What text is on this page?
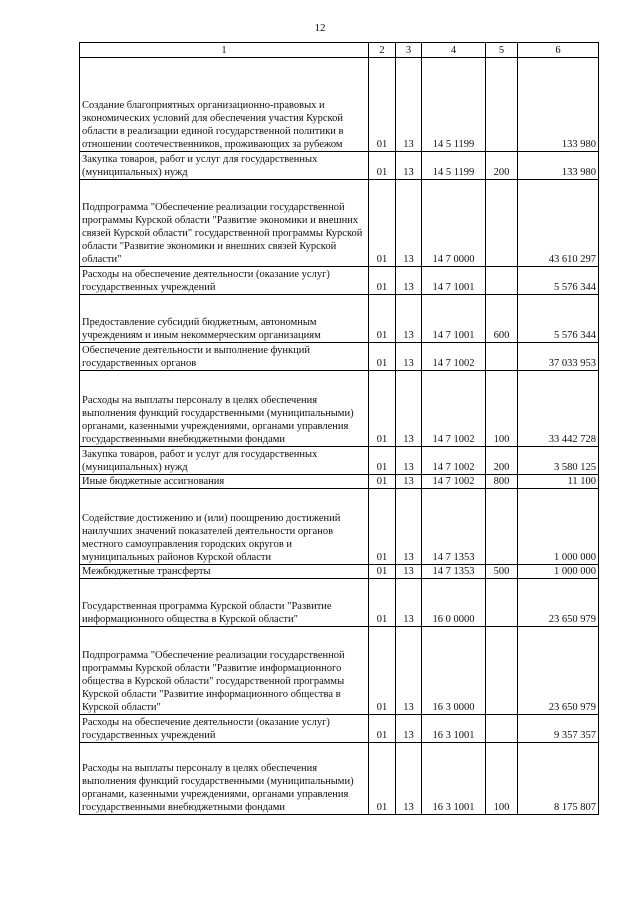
12
1	2	3	4	5	6
Создание благоприятных организационно-правовых и экономических условий для обеспечения участия Курской области в реализации единой государственной политики в отношении соотечественников, проживающих за рубежом	01	13	14 5 1199		133 980
Закупка товаров, работ и услуг для государственных (муниципальных) нужд	01	13	14 5 1199	200	133 980
Подпрограмма "Обеспечение реализации государственной программы Курской области "Развитие экономики и внешних связей Курской области" государственной программы Курской области "Развитие экономики и внешних связей Курской области"	01	13	14 7 0000		43 610 297
Расходы на обеспечение деятельности (оказание услуг) государственных учреждений	01	13	14 7 1001		5 576 344
Предоставление субсидий бюджетным, автономным учреждениям и иным некоммерческим организациям	01	13	14 7 1001	600	5 576 344
Обеспечение деятельности и выполнение функций государственных органов	01	13	14 7 1002		37 033 953
Расходы на выплаты персоналу в целях обеспечения выполнения функций государственными (муниципальными) органами, казенными учреждениями, органами управления государственными внебюджетными фондами	01	13	14 7 1002	100	33 442 728
Закупка товаров, работ и услуг для государственных (муниципальных) нужд	01	13	14 7 1002	200	3 580 125
Иные бюджетные ассигнования	01	13	14 7 1002	800	11 100
Содействие достижению и (или) поощрению достижений наилучших значений показателей деятельности органов местного самоуправления городских округов и муниципальных районов Курской области	01	13	14 7 1353		1 000 000
Межбюджетные трансферты	01	13	14 7 1353	500	1 000 000
Государственная программа Курской области "Развитие информационного общества в Курской области"	01	13	16 0 0000		23 650 979
Подпрограмма "Обеспечение реализации государственной программы Курской области "Развитие информационного общества в Курской области" государственной программы Курской области "Развитие информационного общества в Курской области"	01	13	16 3 0000		23 650 979
Расходы на обеспечение деятельности (оказание услуг) государственных учреждений	01	13	16 3 1001		9 357 357
Расходы на выплаты персоналу в целях обеспечения выполнения функций государственными (муниципальными) органами, казенными учреждениями, органами управления государственными внебюджетными фондами	01	13	16 3 1001	100	8 175 807
